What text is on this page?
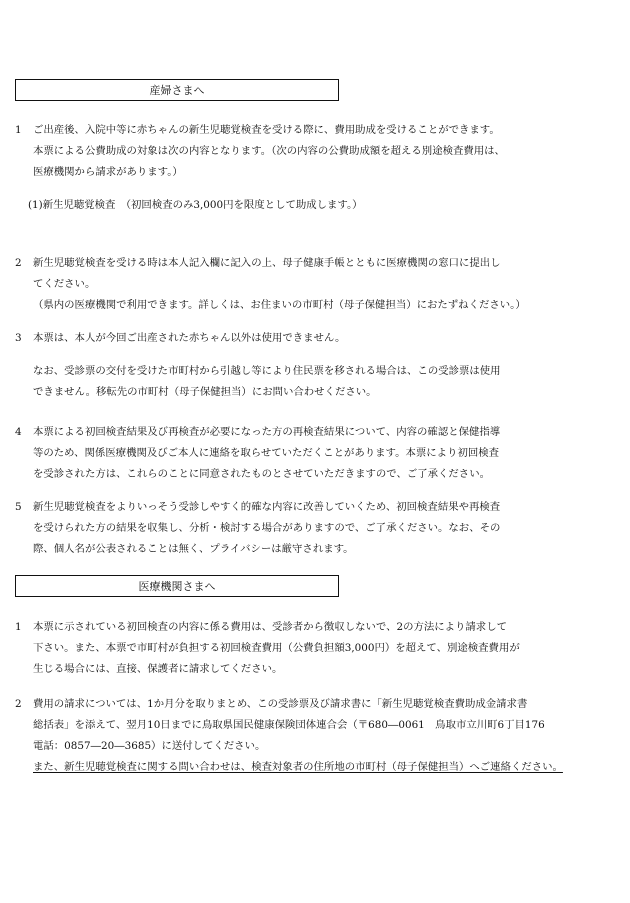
産婦さまへ
1	ご出産後、入院中等に赤ちゃんの新生児聴覚検査を受ける際に、費用助成を受けることができます。
本票による公費助成の対象は次の内容となります。（次の内容の公費助成額を超える別途検査費用は、
医療機関から請求があります。）
(1)新生児聴覚検査　（初回検査のみ3,000円を限度として助成します。）
2	新生児聴覚検査を受ける時は本人記入欄に記入の上、母子健康手帳とともに医療機関の窓口に提出し
てください。
（県内の医療機関で利用できます。詳しくは、お住まいの市町村（母子保健担当）におたずねください。）
3	本票は、本人が今回ご出産された赤ちゃん以外は使用できません。
なお、受診票の交付を受けた市町村から引越し等により住民票を移される場合は、この受診票は使用
できません。移転先の市町村（母子保健担当）にお問い合わせください。
4	本票による初回検査結果及び再検査が必要になった方の再検査結果について、内容の確認と保健指導
等のため、関係医療機関及びご本人に連絡を取らせていただくことがあります。本票により初回検査
を受診された方は、これらのことに同意されたものとさせていただきますので、ご了承ください。
5	新生児聴覚検査をよりいっそう受診しやすく的確な内容に改善していくため、初回検査結果や再検査
を受けられた方の結果を収集し、分析・検討する場合がありますので、ご了承ください。なお、その
際、個人名が公表されることは無く、プライバシーは厳守されます。
医療機関さまへ
1	本票に示されている初回検査の内容に係る費用は、受診者から徴収しないで、2の方法により請求して
下さい。また、本票で市町村が負担する初回検査費用（公費負担額3,000円）を超えて、別途検査費用が
生じる場合には、直接、保護者に請求してください。
2	費用の請求については、1か月分を取りまとめ、この受診票及び請求書に「新生児聴覚検査費助成金請求書
総括表」を添えて、翌月10日までに鳥取県国民健康保険団体連合会（〒680―0061　鳥取市立川町6丁目176
電話：0857―20―3685）に送付してください。
また、新生児聴覚検査に関する問い合わせは、検査対象者の住所地の市町村（母子保健担当）へご連絡ください。
